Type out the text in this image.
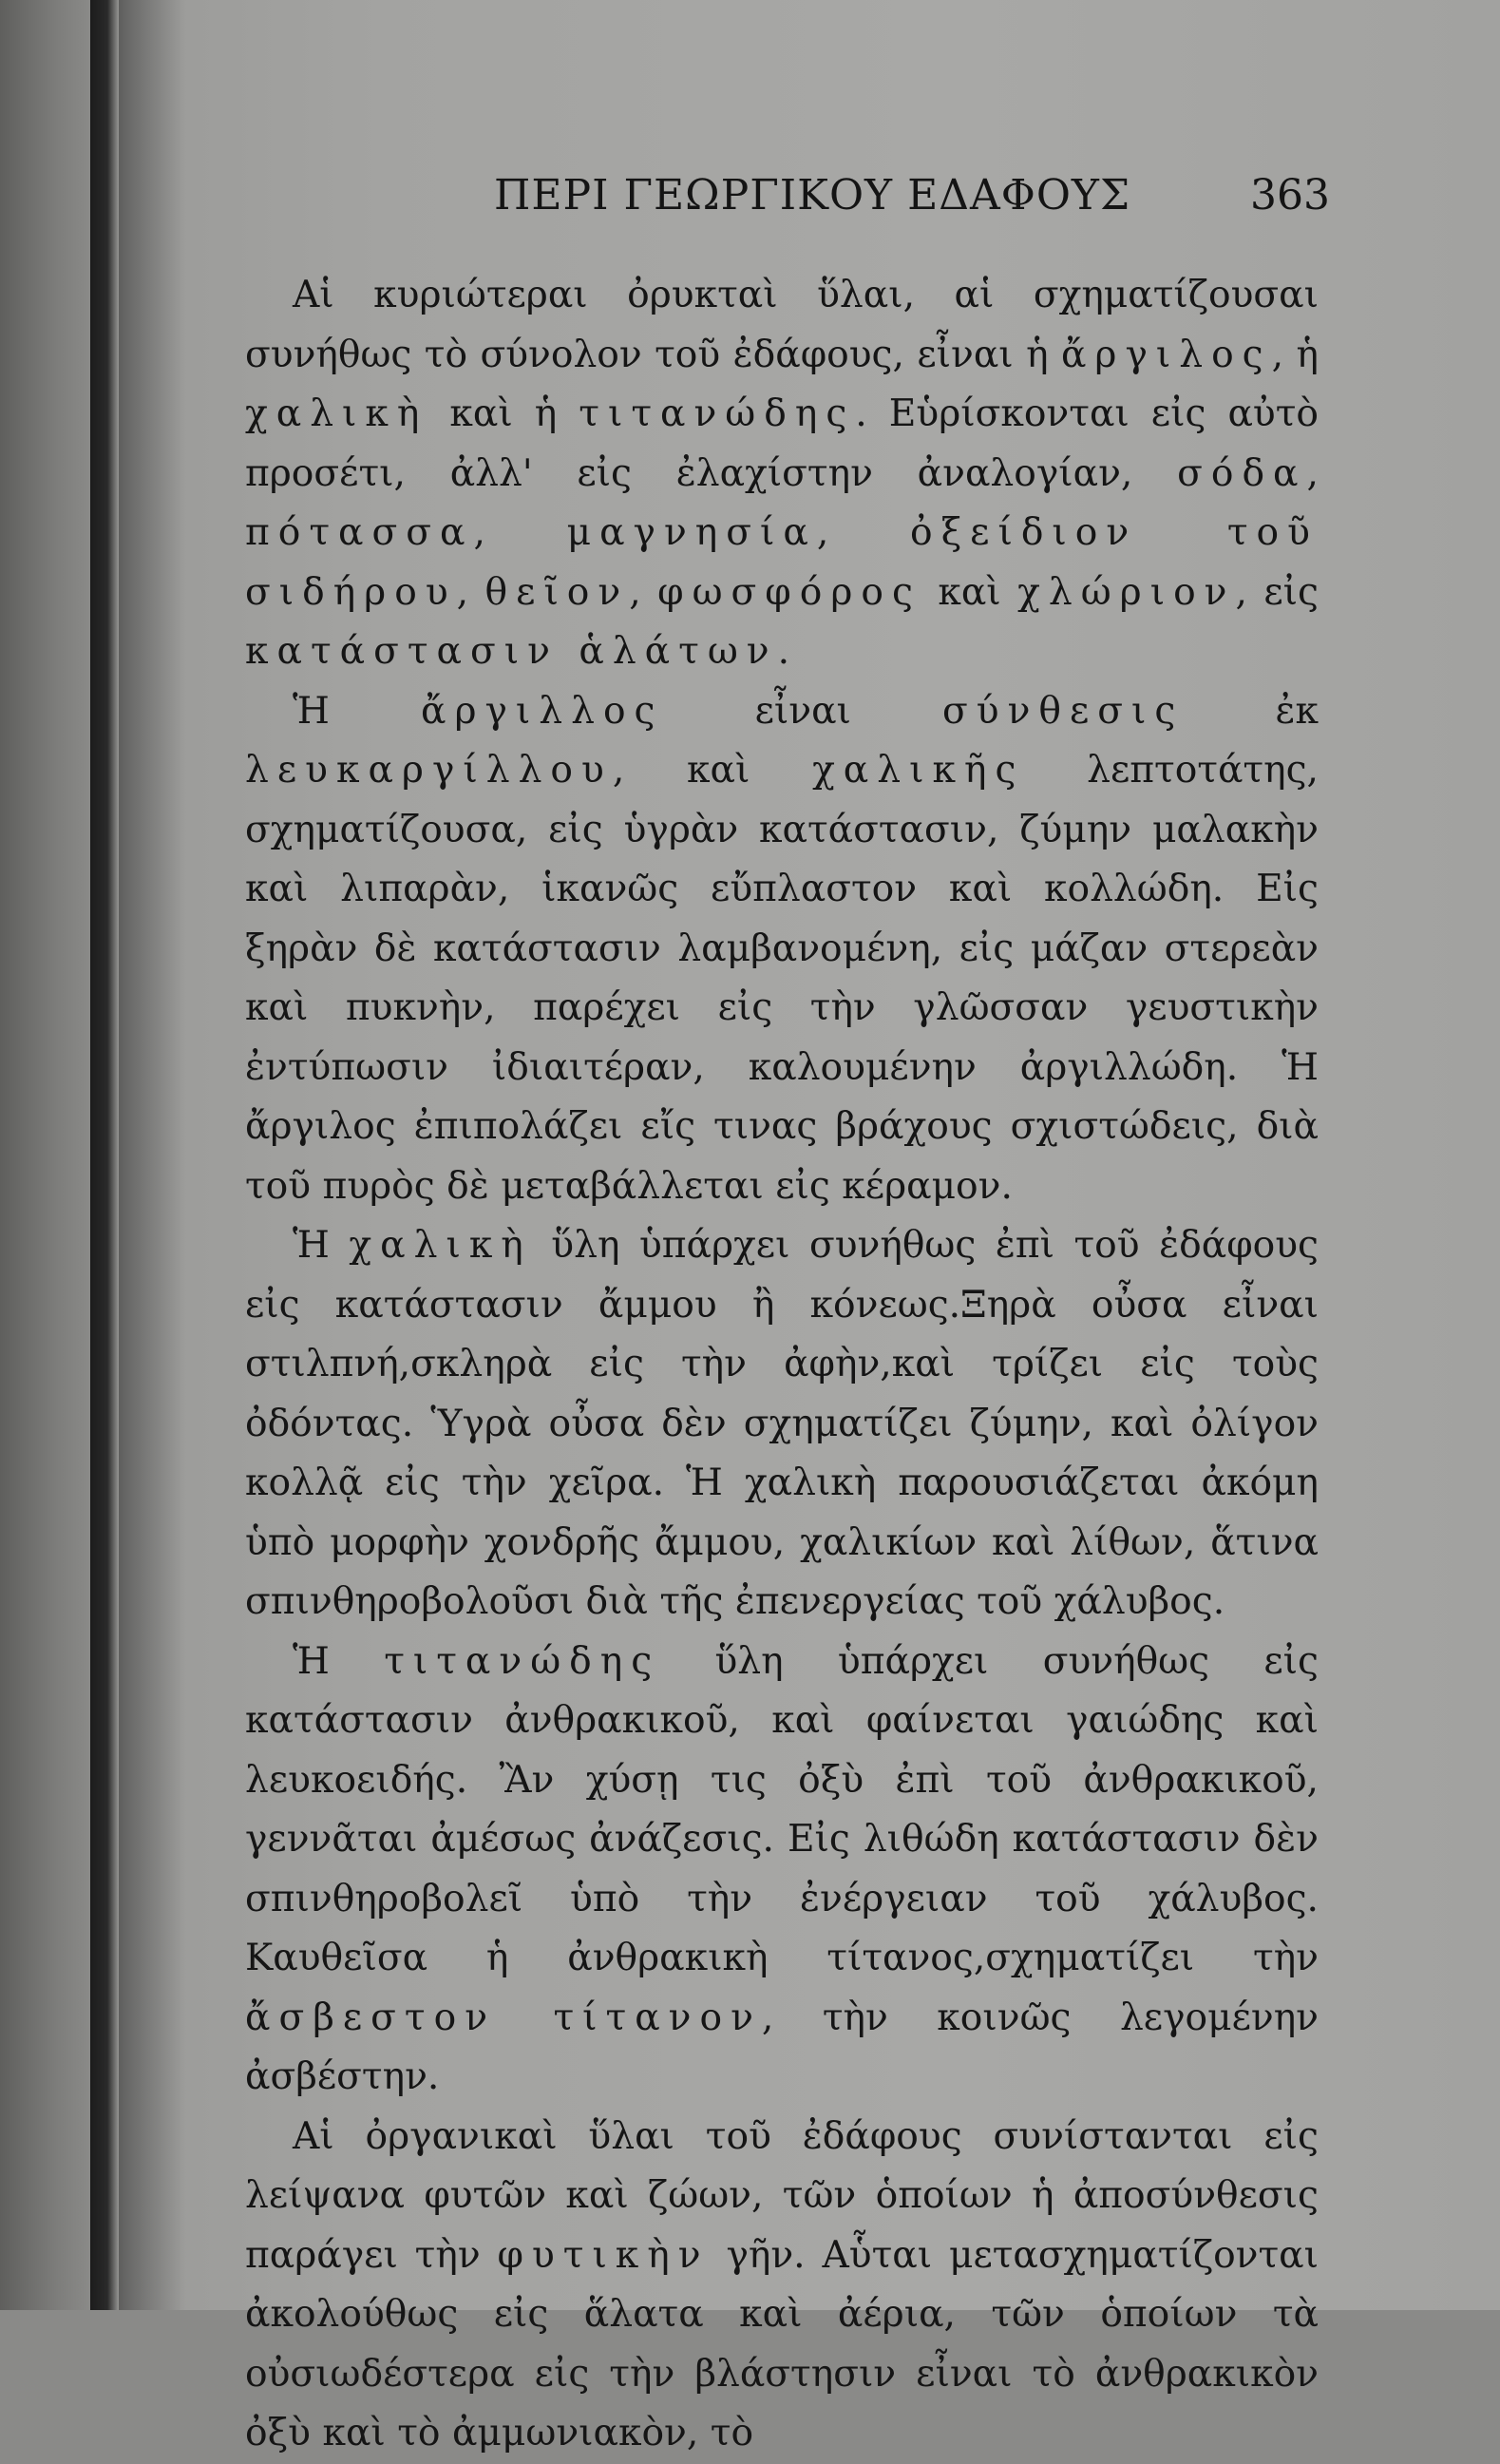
ΠΕΡΙ ΓΕΩΡΓΙΚΟΥ ΕΔΑΦΟΥΣ	363

Αἱ κυριώτεραι ὀρυκταὶ ὕλαι, αἱ σχηματίζουσαι συνήθως τὸ σύνολον τοῦ ἐδάφους, εἶναι ἡ ἄργιλος, ἡ χαλικὴ καὶ ἡ τιτανώδης. Εὑρίσκονται εἰς αὐτὸ προσέτι, ἀλλ' εἰς ἐλαχίστην ἀναλογίαν, σόδα, πότασσα, μαγνησία, ὀξείδιον τοῦ σιδήρου, θεῖον, φωσφόρος καὶ χλώριον, εἰς κατάστασιν ἁλάτων.

Ἡ ἄργιλλος εἶναι σύνθεσις ἐκ λευκαργίλλου, καὶ χαλικῆς λεπτοτάτης, σχηματίζουσα, εἰς ὑγρὰν κατάστασιν, ζύμην μαλακὴν καὶ λιπαρὰν, ἱκανῶς εὔπλαστον καὶ κολλώδη. Εἰς ξηρὰν δὲ κατάστασιν λαμβανομένη, εἰς μάζαν στερεὰν καὶ πυκνὴν, παρέχει εἰς τὴν γλῶσσαν γευστικὴν ἐντύπωσιν ἰδιαιτέραν, καλουμένην ἀργιλλώδη. Ἡ ἄργιλος ἐπιπολάζει εἴς τινας βράχους σχιστώδεις, διὰ τοῦ πυρὸς δὲ μεταβάλλεται εἰς κέραμον.

Ἡ χαλικὴ ὕλη ὑπάρχει συνήθως ἐπὶ τοῦ ἐδάφους εἰς κατάστασιν ἄμμου ἢ κόνεως.Ξηρὰ οὖσα εἶναι στιλπνή,σκληρὰ εἰς τὴν ἀφὴν,καὶ τρίζει εἰς τοὺς ὀδόντας. Ὑγρὰ οὖσα δὲν σχηματίζει ζύμην, καὶ ὀλίγον κολλᾷ εἰς τὴν χεῖρα. Ἡ χαλικὴ παρουσιάζεται ἀκόμη ὑπὸ μορφὴν χονδρῆς ἄμμου, χαλικίων καὶ λίθων, ἅτινα σπινθηροβολοῦσι διὰ τῆς ἐπενεργείας τοῦ χάλυβος.

Ἡ τιτανώδης ὕλη ὑπάρχει συνήθως εἰς κατάστασιν ἀνθρακικοῦ, καὶ φαίνεται γαιώδης καὶ λευκοειδής. Ἂν χύσῃ τις ὀξὺ ἐπὶ τοῦ ἀνθρακικοῦ, γεννᾶται ἀμέσως ἀνάζεσις. Εἰς λιθώδη κατάστασιν δὲν σπινθηροβολεῖ ὑπὸ τὴν ἐνέργειαν τοῦ χάλυβος. Καυθεῖσα ἡ ἀνθρακικὴ τίτανος,σχηματίζει τὴν ἄσβεστον τίτανον, τὴν κοινῶς λεγομένην ἀσβέστην.

Αἱ ὀργανικαὶ ὕλαι τοῦ ἐδάφους συνίστανται εἰς λείψανα φυτῶν καὶ ζώων, τῶν ὁποίων ἡ ἀποσύνθεσις παράγει τὴν φυτικὴν γῆν. Αὗται μετασχηματίζονται ἀκολούθως εἰς ἅλατα καὶ ἀέρια, τῶν ὁποίων τὰ οὐσιωδέστερα εἰς τὴν βλάστησιν εἶναι τὸ ἀνθρακικὸν ὀξὺ καὶ τὸ ἀμμωνιακὸν, τὸ
